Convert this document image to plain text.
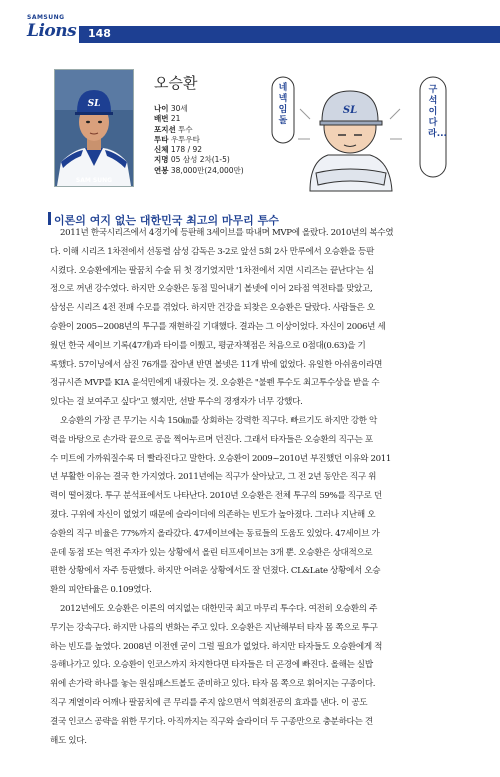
SAMSUNG
Lions 148
SL
SAM SUNG
오승환
나이 30세
배번 21
포지션 투수
투타 우투우타
신체 178 / 92
지명 05 삼성 2차(1-5)
연봉 38,000만(24,000만)
SL
네넥임돌
구석이다라...
이론의 여지 없는 대한민국 최고의 마무리 투수
2011년 한국시리즈에서 4경기에 등판해 3세이브를 따내며 MVP에 올랐다. 2010년의 복수였
다. 이해 시리즈 1차전에서 선동렬 삼성 감독은 3-2로 앞선 5회 2사 만루에서 오승환을 등판
시켰다. 오승환에게는 팔꿈치 수술 뒤 첫 경기였지만 '1차전에서 지면 시리즈는 끝난다'는 심
정으로 꺼낸 강수였다. 하지만 오승환은 동점 밀어내기 볼넷에 이어 2타점 역전타를 맞았고,
삼성은 시리즈 4전 전패 수모를 겪었다. 하지만 건강을 되찾은 오승환은 달랐다. 사람들은 오
승환이 2005~2008년의 투구를 재현하길 기대했다. 결과는 그 이상이었다. 자신이 2006년 세
웠던 한국 세이브 기록(47개)과 타이를 이뤘고, 평균자책점은 처음으로 0점대(0.63)을 기
록했다. 57이닝에서 삼진 76개를 잡아낸 반면 볼넷은 11개 밖에 없었다. 유일한 아쉬움이라면
정규시즌 MVP를 KIA 윤석민에게 내줬다는 것. 오승환은 "불펜 투수도 최고투수상을 받을 수
있다는 걸 보여주고 싶다"고 했지만, 선발 투수의 경쟁자가 너무 강했다.
오승환의 가장 큰 무기는 시속 150㎞를 상회하는 강력한 직구다. 빠르기도 하지만 강한 악
력을 바탕으로 손가락 끝으로 공을 찍어누르며 던진다. 그래서 타자들은 오승환의 직구는 포
수 미트에 가까워질수록 더 빨라진다고 말한다. 오승환이 2009~2010년 부진했던 이유와 2011
년 부활한 이유는 결국 한 가지였다. 2011년에는 직구가 살아났고, 그 전 2년 동안은 직구 위
력이 떨어졌다. 투구 분석표에서도 나타난다. 2010년 오승환은 전체 투구의 59%를 직구로 던
졌다. 구위에 자신이 없었기 때문에 슬라이더에 의존하는 빈도가 높아졌다. 그러나 지난해 오
승환의 직구 비율은 77%까지 올라갔다. 47세이브에는 동료들의 도움도 있었다. 47세이브 가
운데 동점 또는 역전 주자가 있는 상황에서 올린 터프세이브는 3개 뿐. 오승환은 상대적으로
편한 상황에서 자주 등판했다. 하지만 어려운 상황에서도 잘 던졌다. CL&Late 상황에서 오승
환의 피안타율은 0.109였다.
2012년에도 오승환은 이론의 여지없는 대한민국 최고 마무리 투수다. 여전히 오승환의 주
무기는 강속구다. 하지만 나름의 변화는 주고 있다. 오승환은 지난해부터 타자 몸 쪽으로 투구
하는 빈도를 높였다. 2008년 이전엔 굳이 그럴 필요가 없었다. 하지만 타자들도 오승환에게 적
응해나가고 있다. 오승환이 인코스까지 차지한다면 타자들은 더 곤경에 빠진다. 올해는 실밥
위에 손가락 하나를 놓는 원심패스트볼도 준비하고 있다. 타자 몸 쪽으로 휘어지는 구종이다.
직구 계열이라 어깨나 팔꿈치에 큰 무리를 주지 않으면서 역회전공의 효과를 낸다. 이 공도
결국 인코스 공략을 위한 무기다. 아직까지는 직구와 슬라이더 두 구종만으로 충분하다는 견
해도 있다.
